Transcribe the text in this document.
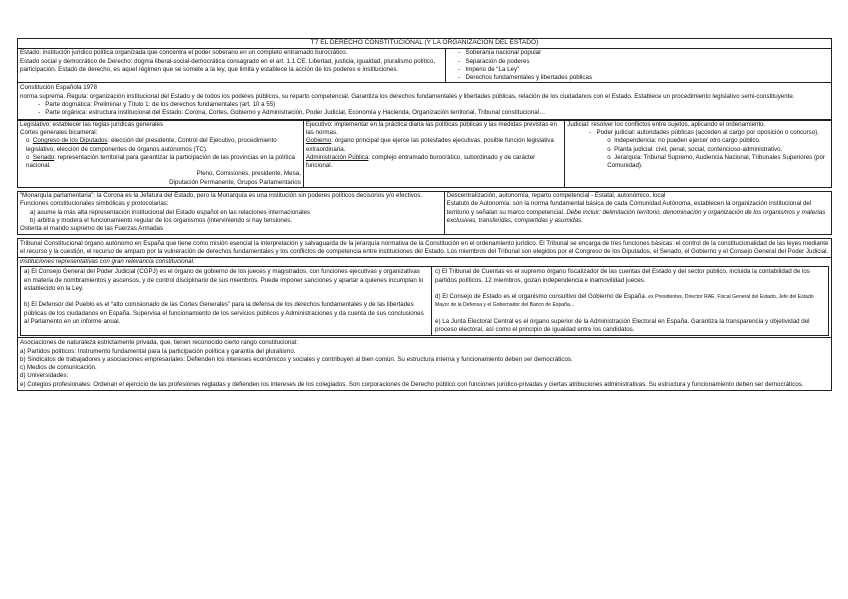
T7 EL DERECHO CONSTITUCIONAL (Y LA ORGANIZACIÓN DEL ESTADO)

Estado: institución jurídico política organizada que concentra el poder soberano en un completo entramado burocrático.

Estado social y democrático de Derecho: dogma liberal-social-democrática consagrado en el art. 1.1 CE. Libertad, justicia, igualdad, pluralismo político, participación. Estado de derecho, es aquel régimen que se somete a la ley, que limita y establece la acción de los poderes e instituciones.

-   Soberanía nacional popular
-   Separación de poderes
-   Imperio de “La Ley”
-   Derechos fundamentales y libertades públicas

Constitución Española 1978

norma suprema. Regula: organización institucional del Estado y de todos los poderes públicos, su reparto competencial. Garantiza los derechos fundamentales y libertades públicas, relación de los ciudadanos con el Estado. Establece un procedimiento legislativo semi-constituyente.

-   Parte dogmática: Preliminar y Título 1: de los derechos fundamentales (art. 10 a 55)
-   Parte orgánica: estructura institucional del Estado: Corona, Cortes, Gobierno y Administración, Poder Judicial, Economía y Hacienda, Organización territorial, Tribunal constitucional…

Legislativo: establecer las reglas jurídicas generales

Cortes generales bicameral:

o  Congreso de los Diputados: elección del presidente, Control del Ejecutivo, procedimiento legislativo, elección de componentes de órganos autónomos (TC).
o  Senado: representación territorial para garantizar la participación de las provincias en la política nacional.

Pleno, Comisiones, presidente, Mesa,

Diputación Permanente, Grupos Parlamentarios

Ejecutivo: implementar en la práctica diaria las políticas públicas y las medidas previstas en las normas.

Gobierno: órgano principal que ejerce las potestades ejecutivas, posible función legislativa extraordinaria.

Administración Pública: complejo entramado burocrático, subordinado y de carácter funcional.

Judicial: resolver los conflictos entre sujetos, aplicando el ordenamiento.

-   Poder judicial: autoridades públicas (acceden al cargo por oposición o concurso).
o  Independencia: no pueden ejercer otro cargo público.
o  Planta judicial: civil, penal, social, contencioso-administrativo.
o  Jerarquía: Tribunal Supremo, Audiencia Nacional, Tribunales Superiores (por Comunidad).

“Monarquía parlamentaria”: la Corona es la Jefatura del Estado, pero la Monarquía es una institución sin poderes políticos decisorios y/o efectivos. Funciones constitucionales simbólicas y protocolarias:

a) asume la más alta representación institucional del Estado español en las relaciones internacionales

b) arbitra y modera el funcionamiento regular de los organismos (interviniendo si hay tensiones.

Ostenta el mando supremo de las Fuerzas Armadas

Descentralización, autonomía, reparto competencial - Estatal, autonómico, local

Estatuto de Autonomía: son la norma fundamental básica de cada Comunidad Autónoma, establecen la organización institucional del territorio y señalan su marco competencial. Debe incluir: delimitación territorio, denominación y organización de los organismos y materias exclusivas, transferidas, compartidas y asumidas.

Tribunal Constitucional órgano autónomo en España que tiene como misión esencial la interpretación y salvaguarda de la jerarquía normativa de la Constitución en el ordenamiento jurídico. El Tribunal se encarga de tres funciones básicas: el control de la constitucionalidad de las leyes mediante el recurso y la cuestión, el recurso de amparo por la vulneración de derechos fundamentales y los conflictos de competencia entre instituciones del Estado. Los miembros del Tribunal son elegidos por el Congreso de los Diputados, el Senado, el Gobierno y el Consejo General del Poder Judicial.

instituciones representativas con gran relevancia constitucional:

a) El Consejo General del Poder Judicial (CGPJ) es el órgano de gobierno de los jueces y magistrados, con funciones ejecutivas y organizativas en materia de nombramientos y ascensos, y de control disciplinario de sus miembros. Puede imponer sanciones y apartar a quienes incumplan lo establecido en la Ley.

b) El Defensor del Pueblo es el “alto comisionado de las Cortes Generales” para la defensa de los derechos fundamentales y de las libertades públicas de los ciudadanos en España. Supervisa el funcionamiento de los servicios públicos y Administraciones y da cuenta de sus conclusiones al Parlamento en un informe anual.

c) El Tribunal de Cuentas es el supremo órgano fiscalizador de las cuentas del Estado y del sector público, incluida la contabilidad de los partidos políticos. 12 miembros, gozan independencia e inamovilidad jueces.

d) El Consejo de Estado es el organismo consultivo del Gobierno de España. ex Presidentes, Director RAE, Fiscal General del Estado, Jefe del Estado Mayor de la Defensa y el Gobernador del Banco de España…

e) La Junta Electoral Central es el órgano superior de la Administración Electoral en España. Garantiza la transparencia y objetividad del proceso electoral, así como el principio de igualdad entre los candidatos.

Asociaciones de naturaleza estrictamente privada, que, tienen reconocido cierto rango constitucional:

a) Partidos políticos: Instrumento fundamental para la participación política y garantía del pluralismo.

b) Sindicatos de trabajadores y asociaciones empresariales: Defienden los intereses económicos y sociales y contribuyen al bien común. Su estructura interna y funcionamiento deben ser democráticos.

c) Medios de comunicación.

d) Universidades:

e) Colegios profesionales: Ordenan el ejercicio de las profesiones regladas y defienden los intereses de los colegiados. Son corporaciones de Derecho público con funciones jurídico-privadas y ciertas atribuciones administrativas. Su estructura y funcionamiento deben ser democráticos.
